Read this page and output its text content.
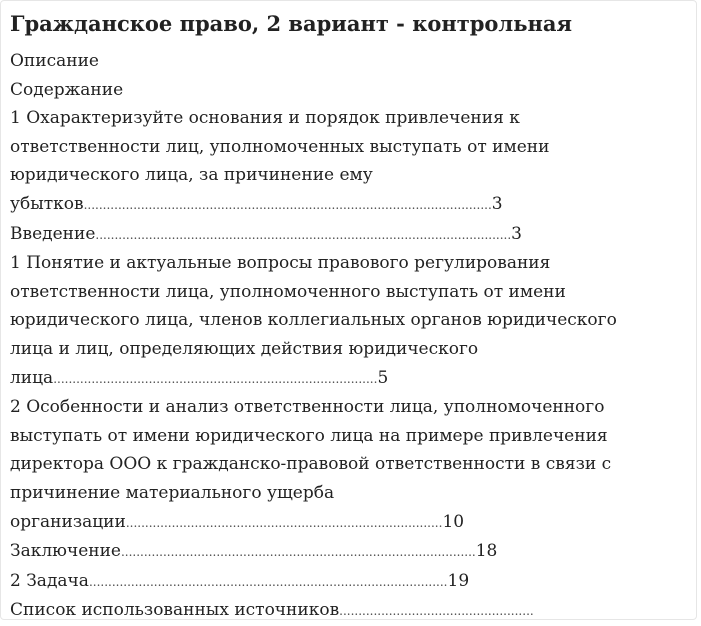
Гражданское право, 2 вариант - контрольная
Описание
Содержание
1 Охарактеризуйте основания и порядок привлечения к
ответственности лиц, уполномоченных выступать от имени
юридического лица, за причинение ему
убытков...........................................................................................................3
Введение.............................................................................................................3
1 Понятие и актуальные вопросы правового регулирования
ответственности лица, уполномоченного выступать от имени
юридического лица, членов коллегиальных органов юридического
лица и лиц, определяющих действия юридического
лица.....................................................................................5
2 Особенности и анализ ответственности лица, уполномоченного
выступать от имени юридического лица на примере привлечения
директора ООО к гражданско-правовой ответственности в связи с
причинение материального ущерба
организации...................................................................................10
Заключение.............................................................................................18
2 Задача..............................................................................................19
Список использованных источников...................................................
